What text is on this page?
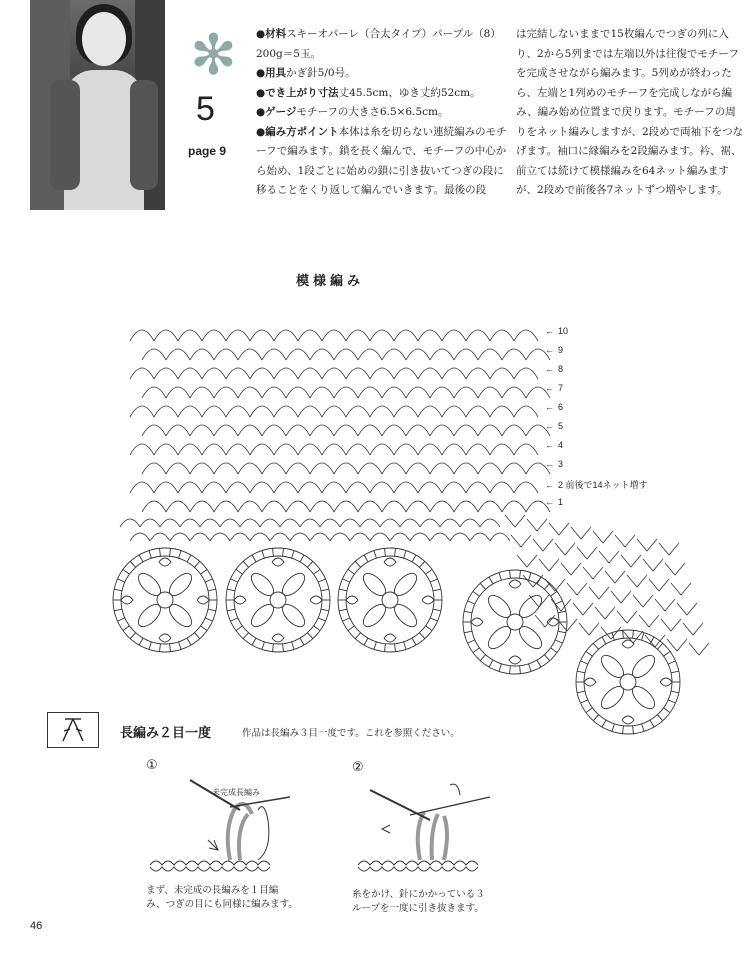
✻
5
page 9

●材料スキーオパーレ（合太タイプ）パープル（8）200g＝5玉。

●用具かぎ針5/0号。

●でき上がり寸法丈45.5cm、ゆき丈約52cm。

●ゲージモチーフの大きさ6.5×6.5cm。

●編み方ポイント本体は糸を切らない連続編みのモチーフで編みます。鎖を長く編んで、モチーフの中心から始め、1段ごとに始めの鎖に引き抜いてつぎの段に移ることをくり返して編んでいきます。最後の段

は完結しないままで15枚編んでつぎの列に入り、2から5列までは左端以外は往復でモチーフを完成させながら編みます。5列めが終わったら、左端と1列めのモチーフを完成しながら編み、編み始め位置まで戻ります。モチーフの周りをネット編みしますが、2段めで両袖下をつなげます。袖口に縁編みを2段編みます。衿、裾、前立ては続けて模様編みを64ネット編みますが、2段めで前後各7ネットずつ増やします。

模様編み
← 10
← 9
← 8
← 7
← 6
← 5
← 4
← 3
← 2 前後で14ネット増す
← 1
長編み２目一度	作品は長編み３目一度です。これを参照ください。
①	②
未完成長編み
まず、未完成の長編みを１目編
み、つぎの目にも同様に編みます。
糸をかけ、針にかかっている３
ループを一度に引き抜きます。
46
